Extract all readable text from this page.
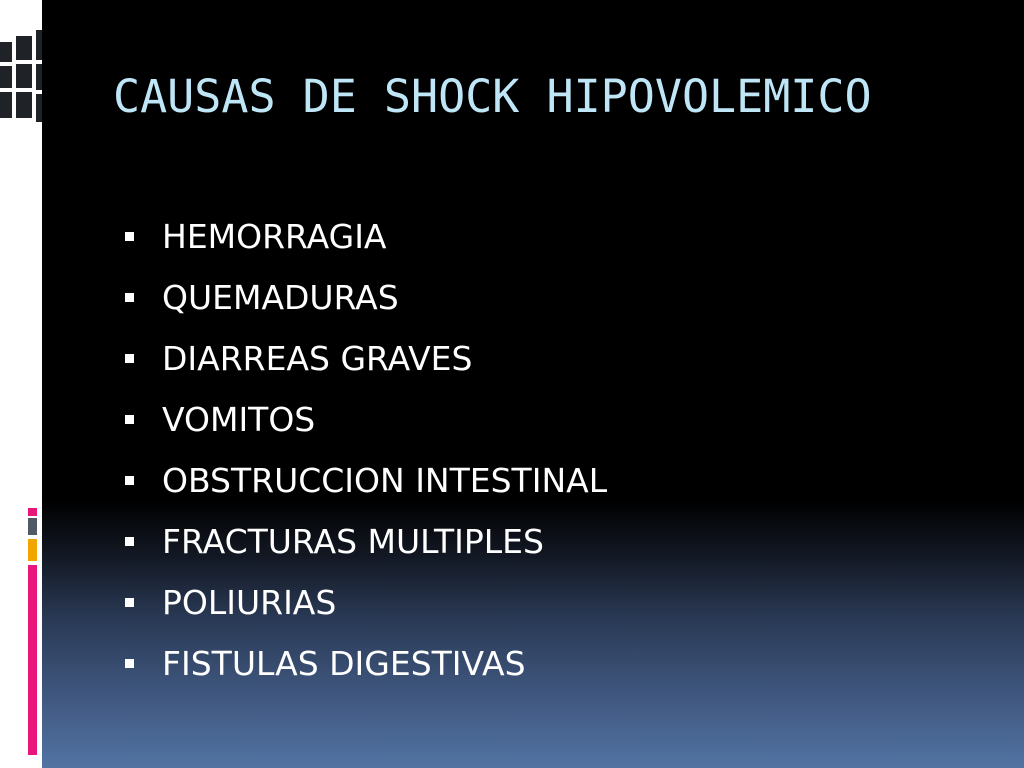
CAUSAS DE SHOCK HIPOVOLEMICO
HEMORRAGIA
QUEMADURAS
DIARREAS GRAVES
VOMITOS
OBSTRUCCION INTESTINAL
FRACTURAS MULTIPLES
POLIURIAS
FISTULAS DIGESTIVAS
